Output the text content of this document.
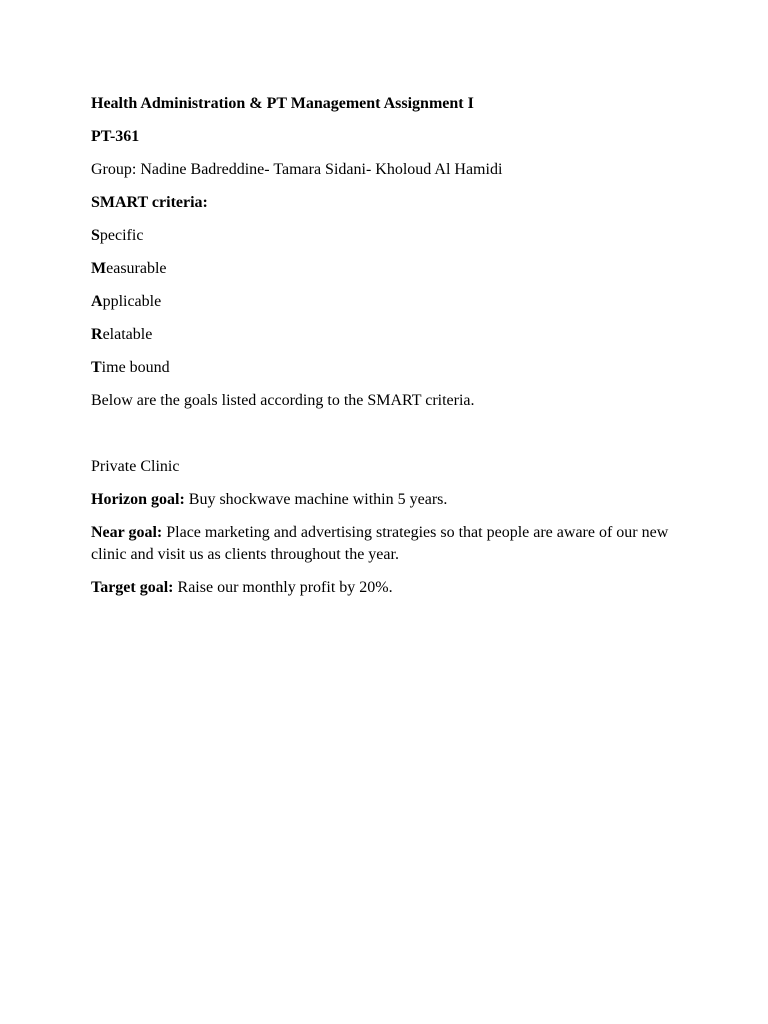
Health Administration & PT Management Assignment I

PT-361

Group: Nadine Badreddine- Tamara Sidani- Kholoud Al Hamidi

SMART criteria:

Specific

Measurable

Applicable

Relatable

Time bound

Below are the goals listed according to the SMART criteria.

Private Clinic

Horizon goal: Buy shockwave machine within 5 years.

Near goal: Place marketing and advertising strategies so that people are aware of our new clinic and visit us as clients throughout the year.

Target goal: Raise our monthly profit by 20%.
